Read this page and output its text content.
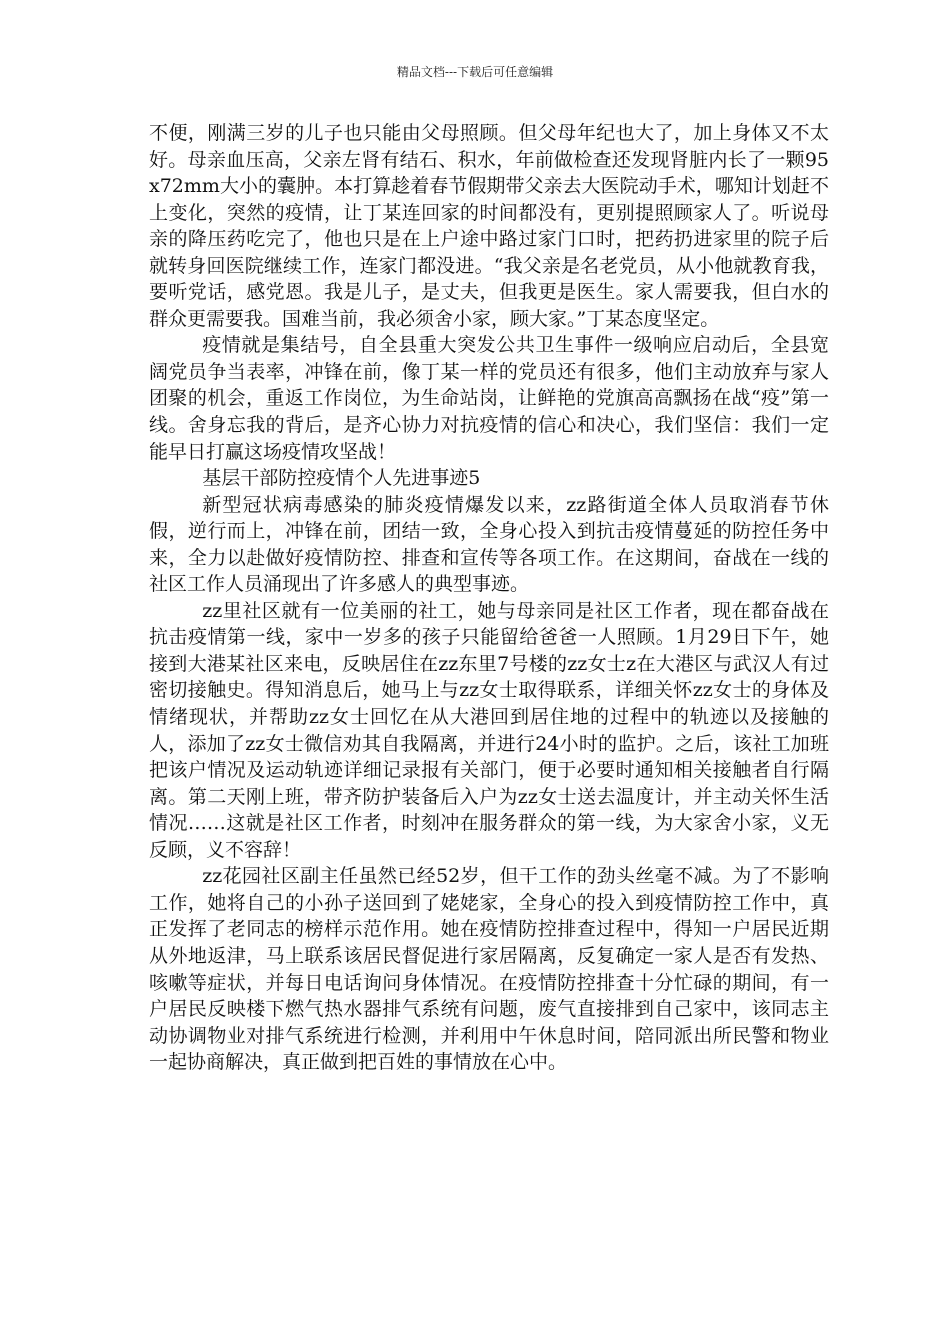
精品文档---下载后可任意编辑

不便，刚满三岁的儿子也只能由父母照顾。但父母年纪也大了，加上身体又不太好。母亲血压高，父亲左肾有结石、积水，年前做检查还发现肾脏内长了一颗95x72mm大小的囊肿。本打算趁着春节假期带父亲去大医院动手术，哪知计划赶不上变化，突然的疫情，让丁某连回家的时间都没有，更别提照顾家人了。听说母亲的降压药吃完了，他也只是在上户途中路过家门口时，把药扔进家里的院子后就转身回医院继续工作，连家门都没进。“我父亲是名老党员，从小他就教育我，要听党话，感党恩。我是儿子，是丈夫，但我更是医生。家人需要我，但白水的群众更需要我。国难当前，我必须舍小家，顾大家。”丁某态度坚定。

疫情就是集结号，自全县重大突发公共卫生事件一级响应启动后，全县宽阔党员争当表率，冲锋在前，像丁某一样的党员还有很多，他们主动放弃与家人团聚的机会，重返工作岗位，为生命站岗，让鲜艳的党旗高高飘扬在战“疫”第一线。舍身忘我的背后，是齐心协力对抗疫情的信心和决心，我们坚信：我们一定能早日打赢这场疫情攻坚战！

基层干部防控疫情个人先进事迹5

新型冠状病毒感染的肺炎疫情爆发以来，zz路街道全体人员取消春节休假，逆行而上，冲锋在前，团结一致，全身心投入到抗击疫情蔓延的防控任务中来，全力以赴做好疫情防控、排查和宣传等各项工作。在这期间，奋战在一线的社区工作人员涌现出了许多感人的典型事迹。

zz里社区就有一位美丽的社工，她与母亲同是社区工作者，现在都奋战在抗击疫情第一线，家中一岁多的孩子只能留给爸爸一人照顾。1月29日下午，她接到大港某社区来电，反映居住在zz东里7号楼的zz女士z在大港区与武汉人有过密切接触史。得知消息后，她马上与zz女士取得联系，详细关怀zz女士的身体及情绪现状，并帮助zz女士回忆在从大港回到居住地的过程中的轨迹以及接触的人，添加了zz女士微信劝其自我隔离，并进行24小时的监护。之后，该社工加班把该户情况及运动轨迹详细记录报有关部门，便于必要时通知相关接触者自行隔离。第二天刚上班，带齐防护装备后入户为zz女士送去温度计，并主动关怀生活情况……这就是社区工作者，时刻冲在服务群众的第一线，为大家舍小家，义无反顾，义不容辞！

zz花园社区副主任虽然已经52岁，但干工作的劲头丝毫不减。为了不影响工作，她将自己的小孙子送回到了姥姥家，全身心的投入到疫情防控工作中，真正发挥了老同志的榜样示范作用。她在疫情防控排查过程中，得知一户居民近期从外地返津，马上联系该居民督促进行家居隔离，反复确定一家人是否有发热、咳嗽等症状，并每日电话询问身体情况。在疫情防控排查十分忙碌的期间，有一户居民反映楼下燃气热水器排气系统有问题，废气直接排到自己家中，该同志主动协调物业对排气系统进行检测，并利用中午休息时间，陪同派出所民警和物业一起协商解决，真正做到把百姓的事情放在心中。
